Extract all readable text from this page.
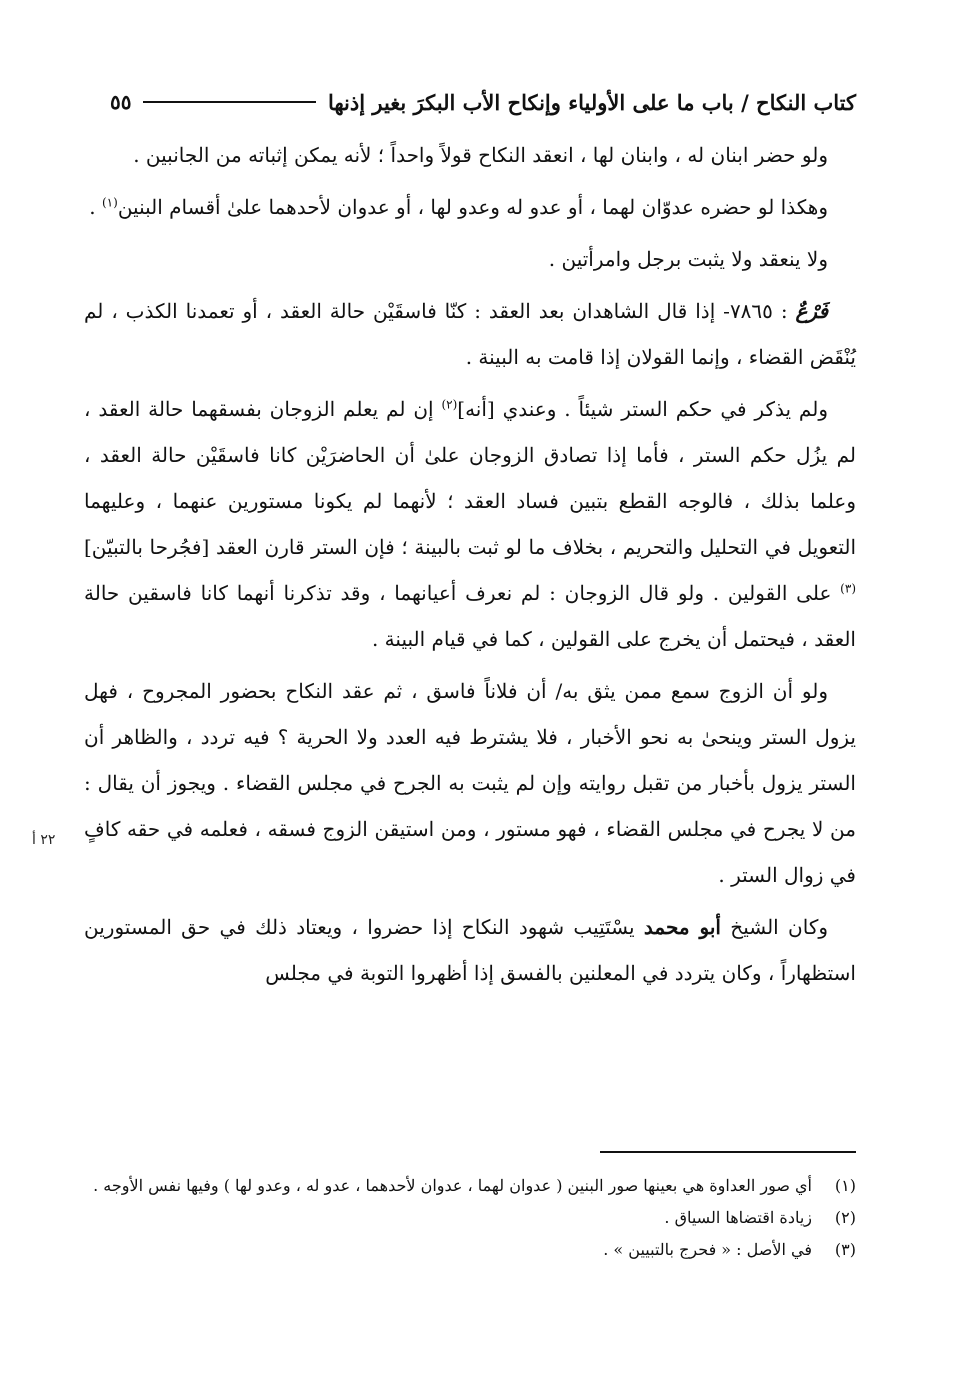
كتاب النكاح / باب ما على الأولياء وإنكاح الأب البكرَ بغير إذنها
٥٥
٢٢ أ

ولو حضر ابنان له ، وابنان لها ، انعقد النكاح قولاً واحداً ؛ لأنه يمكن إثباته من الجانبين .

وهكذا لو حضره عدوّان لهما ، أو عدو له وعدو لها ، أو عدوان لأحدهما علىٰ أقسام البنين$^{(١)}$ .

ولا ينعقد ولا يثبت برجل وامرأتين .

فَرْعٌ : ٧٨٦٥- إذا قال الشاهدان بعد العقد : كنّا فاسقَيْن حالة العقد ، أو تعمدنا الكذب ، لم يُنْقَض القضاء ، وإنما القولان إذا قامت به البينة .

ولم يذكر في حكم الستر شيئاً . وعندي [أنه]$^{(٢)}$ إن لم يعلم الزوجان بفسقهما حالة العقد ، لم يزُل حكم الستر ، فأما إذا تصادق الزوجان علىٰ أن الحاضرَيْن كانا فاسقَيْن حالة العقد ، وعلما بذلك ، فالوجه القطع بتبين فساد العقد ؛ لأنهما لم يكونا مستورين عنهما ، وعليهما التعويل في التحليل والتحريم ، بخلاف ما لو ثبت بالبينة ؛ فإن الستر قارن العقد [فجُرحا بالتبيّن]$^{(٣)}$ على القولين . ولو قال الزوجان : لم نعرف أعيانهما ، وقد تذكرنا أنهما كانا فاسقين حالة العقد ، فيحتمل أن يخرج على القولين ، كما في قيام البينة .

ولو أن الزوج سمع ممن يثق به/ أن فلاناً فاسق ، ثم عقد النكاح بحضور المجروح ، فهل يزول الستر وينحىٰ به نحو الأخبار ، فلا يشترط فيه العدد ولا الحرية ؟ فيه تردد ، والظاهر أن الستر يزول بأخبار من تقبل روايته وإن لم يثبت به الجرح في مجلس القضاء . ويجوز أن يقال : من لا يجرح في مجلس القضاء ، فهو مستور ، ومن استيقن الزوج فسقه ، فعلمه في حقه كافٍ في زوال الستر .

وكان الشيخ أبو محمد يسْتَتِيب شهود النكاح إذا حضروا ، ويعتاد ذلك في حق المستورين استظهاراً ، وكان يتردد في المعلنين بالفسق إذا أظهروا التوبة في مجلس

(١)
أي صور العداوة هي بعينها صور البنين ( عدوان لهما ، عدوان لأحدهما ، عدو له ، وعدو لها ) وفيها نفس الأوجه .
(٢)
زيادة اقتضاها السياق .
(٣)
في الأصل : « فحرج بالتبيين » .
